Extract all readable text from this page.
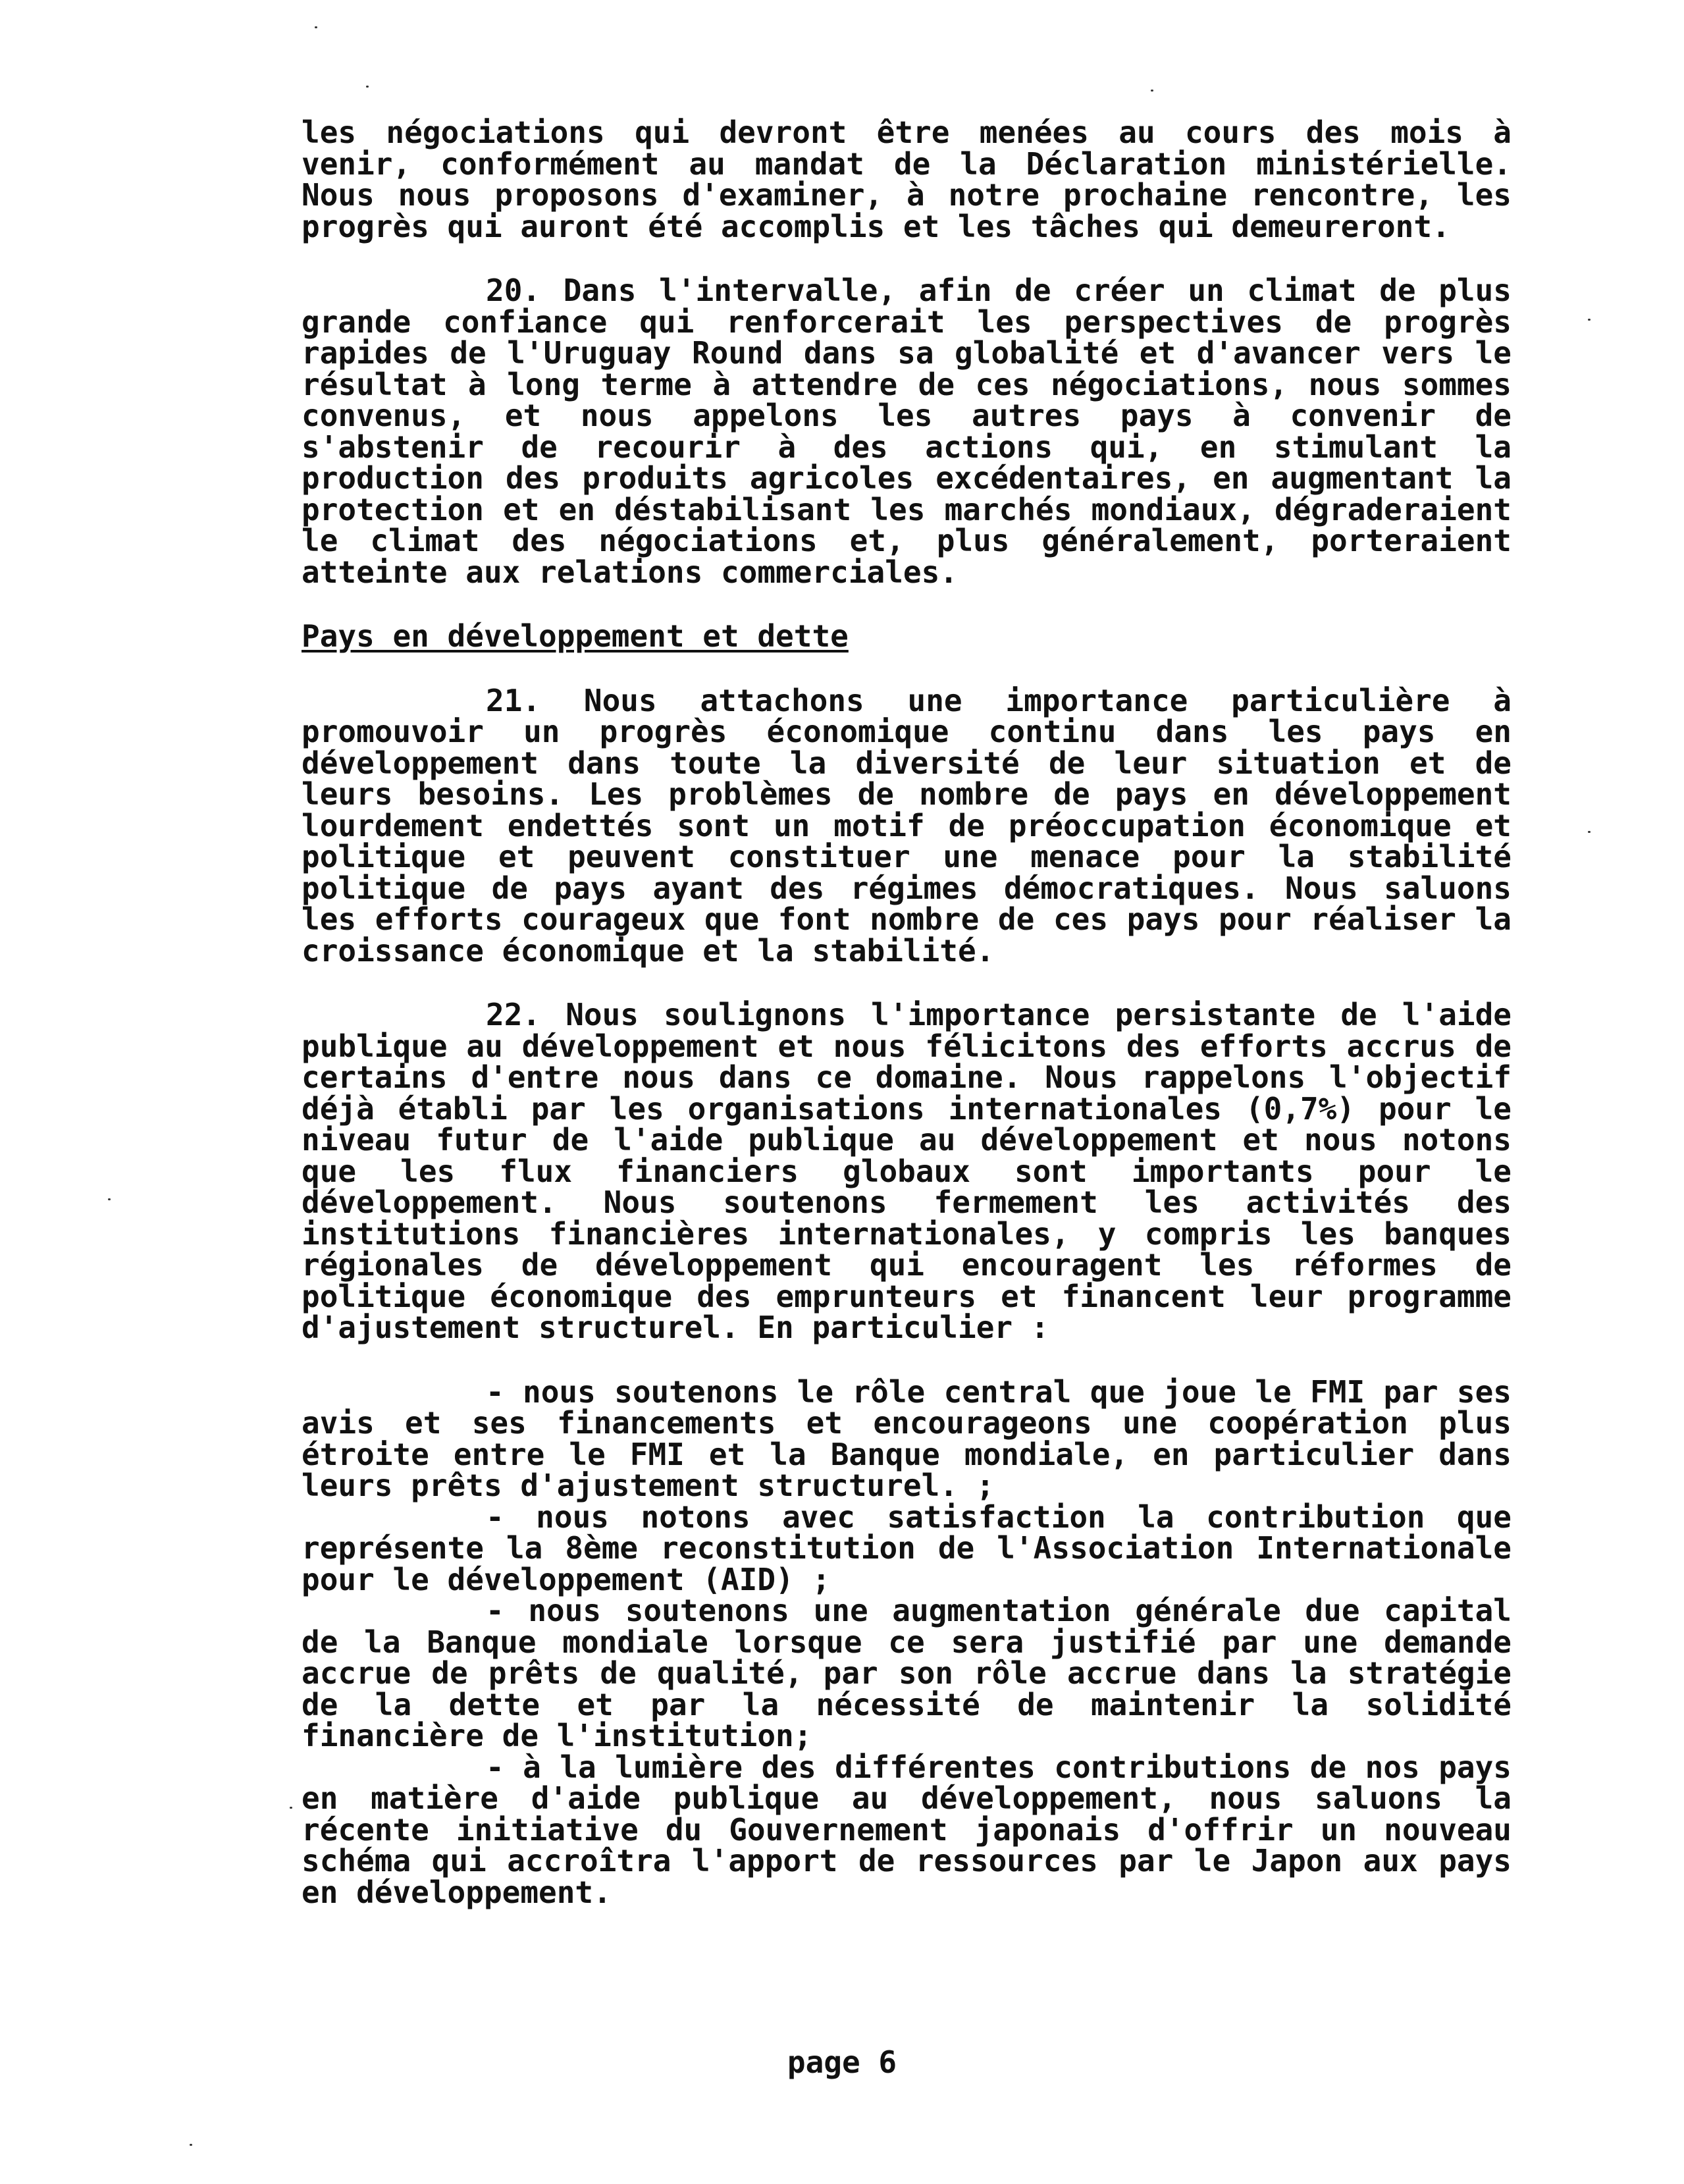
les négociations qui devront être menées au cours des mois à venir, conformément au mandat de la Déclaration ministérielle. Nous nous proposons d'examiner, à notre prochaine rencontre, les progrès qui auront été accomplis et les tâches qui demeureront.

20. Dans l'intervalle, afin de créer un climat de plus grande confiance qui renforcerait les perspectives de progrès rapides de l'Uruguay Round dans sa globalité et d'avancer vers le résultat à long terme à attendre de ces négociations, nous sommes convenus, et nous appelons les autres pays à convenir de s'abstenir de recourir à des actions qui, en stimulant la production des produits agricoles excédentaires, en augmentant la protection et en déstabilisant les marchés mondiaux, dégraderaient le climat des négociations et, plus généralement, porteraient atteinte aux relations commerciales.

Pays en développement et dette

21. Nous attachons une importance particulière à promouvoir un progrès économique continu dans les pays en développement dans toute la diversité de leur situation et de leurs besoins. Les problèmes de nombre de pays en développement lourdement endettés sont un motif de préoccupation économique et politique et peuvent constituer une menace pour la stabilité politique de pays ayant des régimes démocratiques. Nous saluons les efforts courageux que font nombre de ces pays pour réaliser la croissance économique et la stabilité.

22. Nous soulignons l'importance persistante de l'aide publique au développement et nous félicitons des efforts accrus de certains d'entre nous dans ce domaine. Nous rappelons l'objectif déjà établi par les organisations internationales (0,7%) pour le niveau futur de l'aide publique au développement et nous notons que les flux financiers globaux sont importants pour le développement. Nous soutenons fermement les activités des institutions financières internationales, y compris les banques régionales de développement qui encouragent les réformes de politique économique des emprunteurs et financent leur programme d'ajustement structurel. En particulier :

- nous soutenons le rôle central que joue le FMI par ses avis et ses financements et encourageons une coopération plus étroite entre le FMI et la Banque mondiale, en particulier dans leurs prêts d'ajustement structurel. ;

- nous notons avec satisfaction la contribution que représente la 8ème reconstitution de l'Association Internationale pour le développement (AID) ;

- nous soutenons une augmentation générale due capital de la Banque mondiale lorsque ce sera justifié par une demande accrue de prêts de qualité, par son rôle accrue dans la stratégie de la dette et par la nécessité de maintenir la solidité financière de l'institution;

- à la lumière des différentes contributions de nos pays en matière d'aide publique au développement, nous saluons la récente initiative du Gouvernement japonais d'offrir un nouveau schéma qui accroîtra l'apport de ressources par le Japon aux pays en développement.

page 6
